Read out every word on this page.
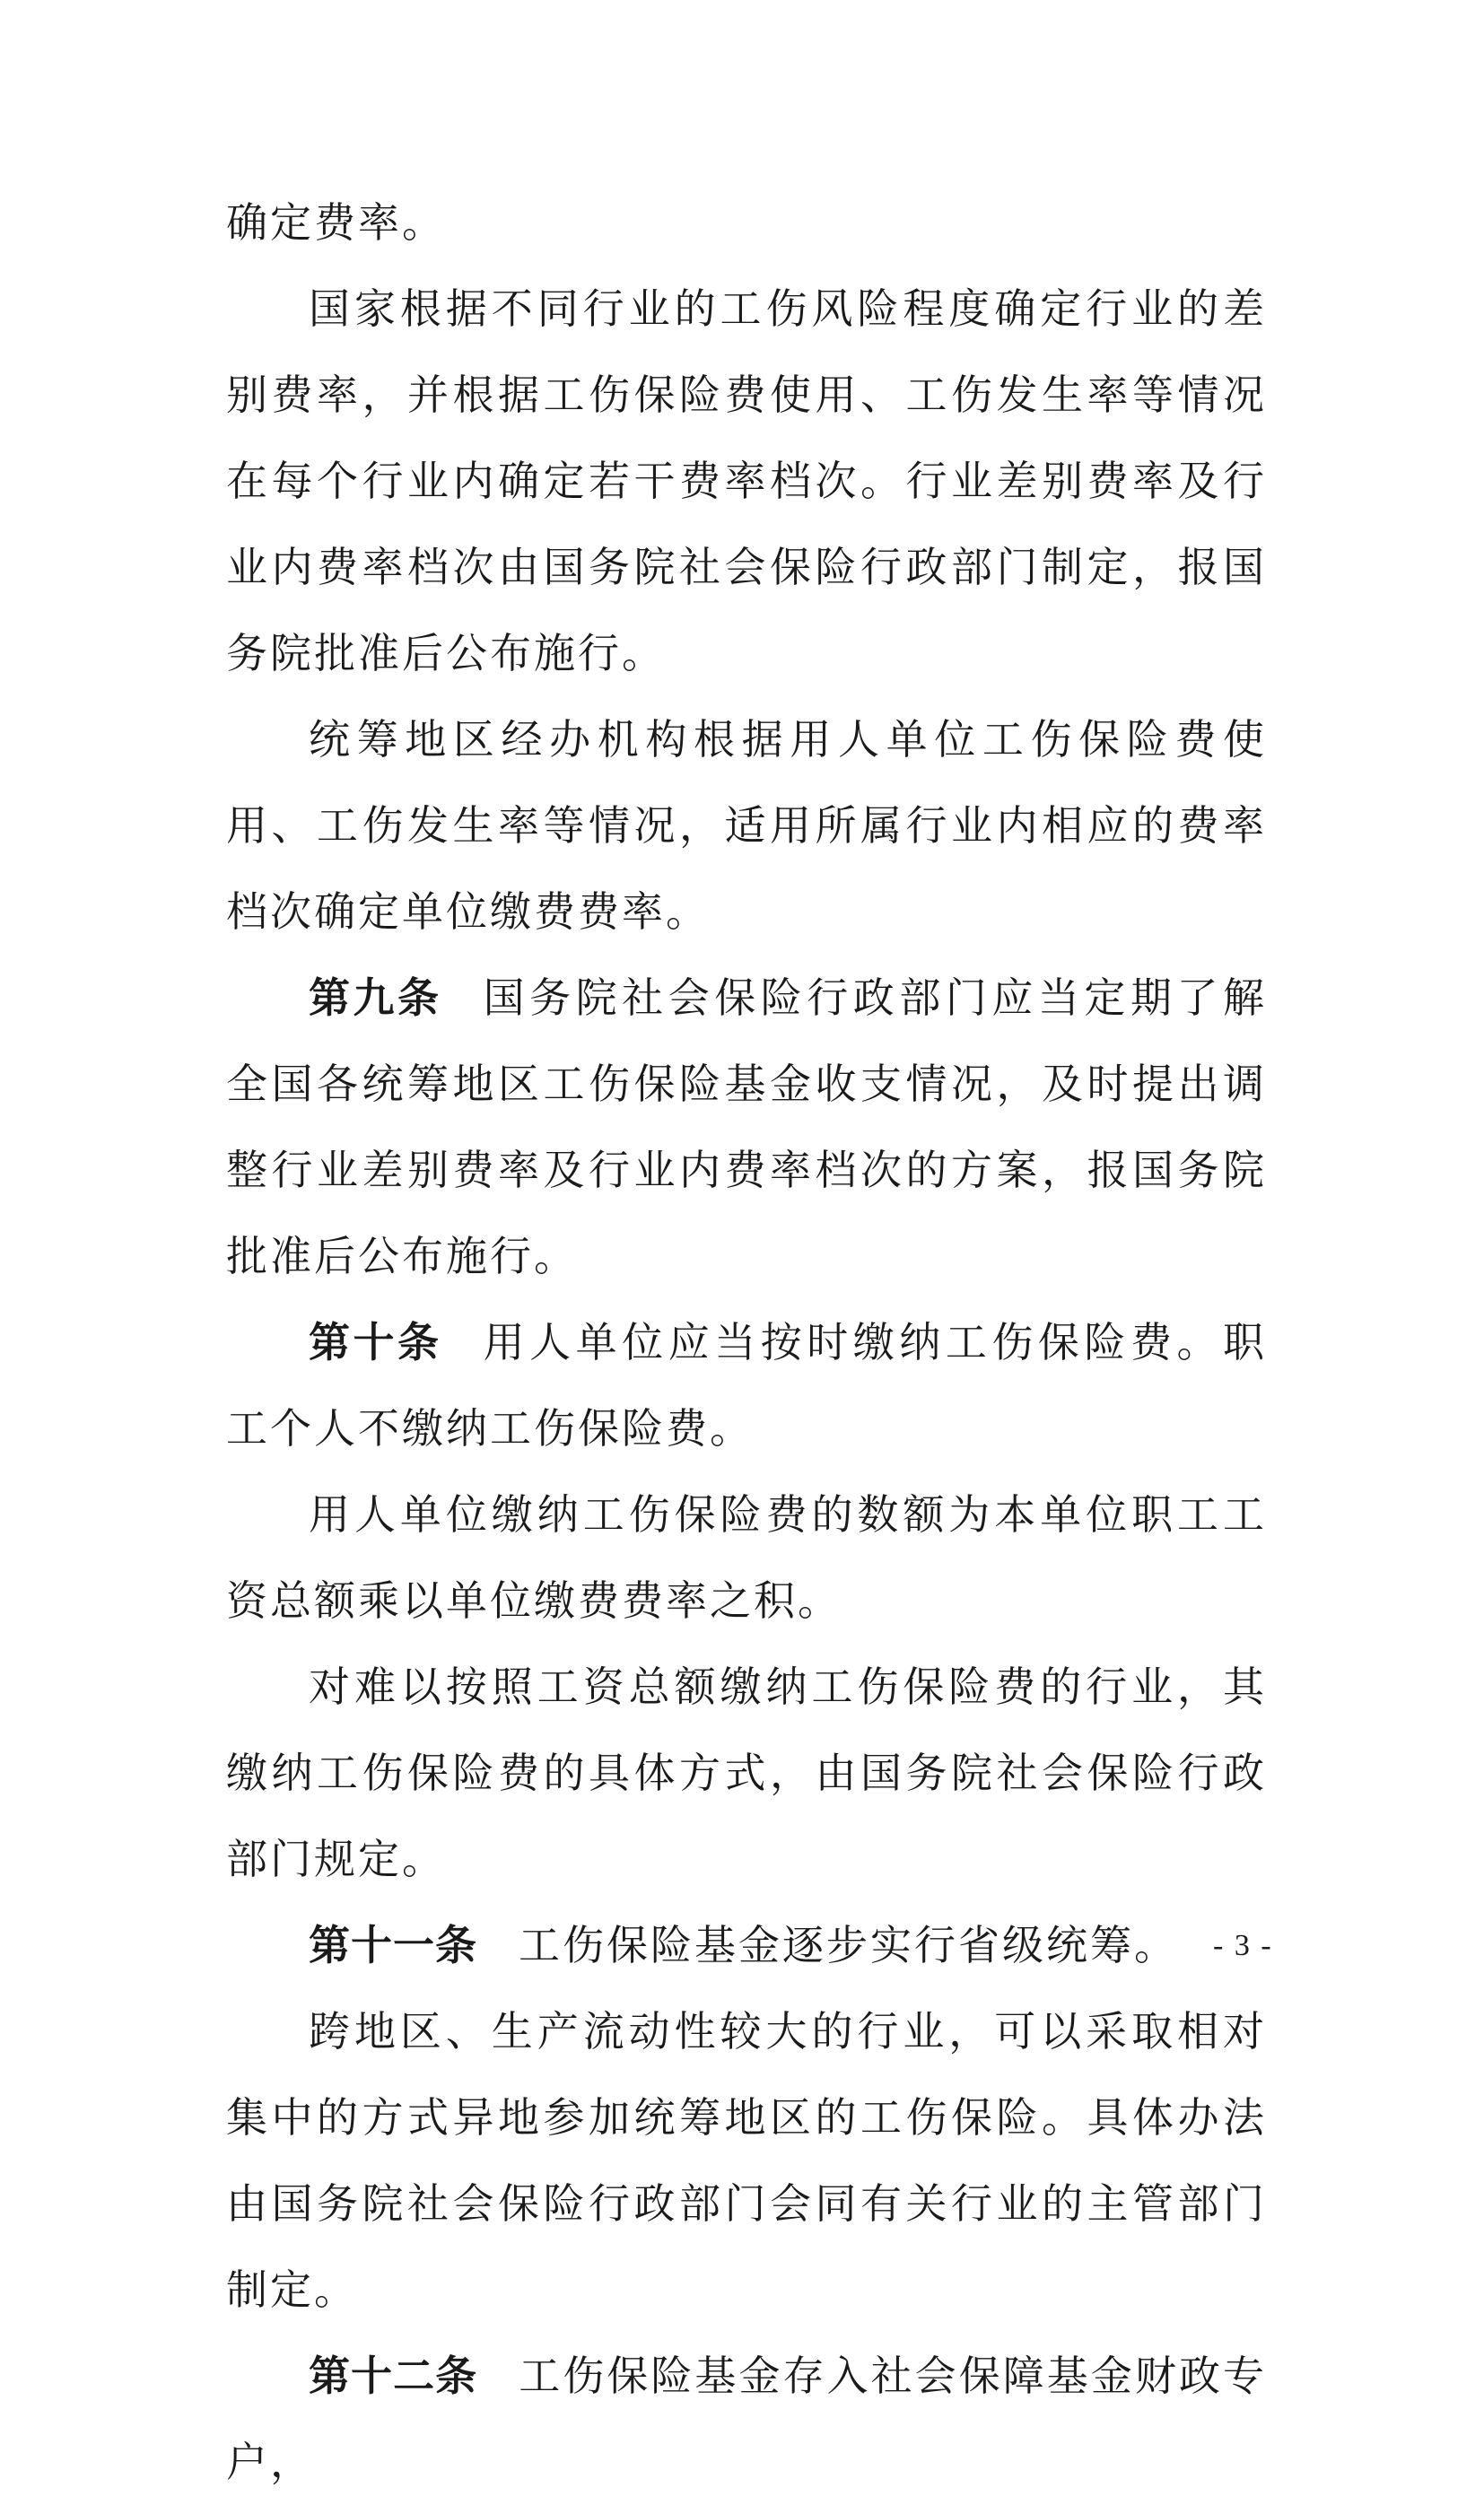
确定费率。

国家根据不同行业的工伤风险程度确定行业的差别费率，并根据工伤保险费使用、工伤发生率等情况在每个行业内确定若干费率档次。行业差别费率及行业内费率档次由国务院社会保险行政部门制定，报国务院批准后公布施行。

统筹地区经办机构根据用人单位工伤保险费使用、工伤发生率等情况，适用所属行业内相应的费率档次确定单位缴费费率。

第九条 国务院社会保险行政部门应当定期了解全国各统筹地区工伤保险基金收支情况，及时提出调整行业差别费率及行业内费率档次的方案，报国务院批准后公布施行。

第十条 用人单位应当按时缴纳工伤保险费。职工个人不缴纳工伤保险费。

用人单位缴纳工伤保险费的数额为本单位职工工资总额乘以单位缴费费率之积。

对难以按照工资总额缴纳工伤保险费的行业，其缴纳工伤保险费的具体方式，由国务院社会保险行政部门规定。

第十一条 工伤保险基金逐步实行省级统筹。

跨地区、生产流动性较大的行业，可以采取相对集中的方式异地参加统筹地区的工伤保险。具体办法由国务院社会保险行政部门会同有关行业的主管部门制定。

第十二条 工伤保险基金存入社会保障基金财政专户，

- 3 -
